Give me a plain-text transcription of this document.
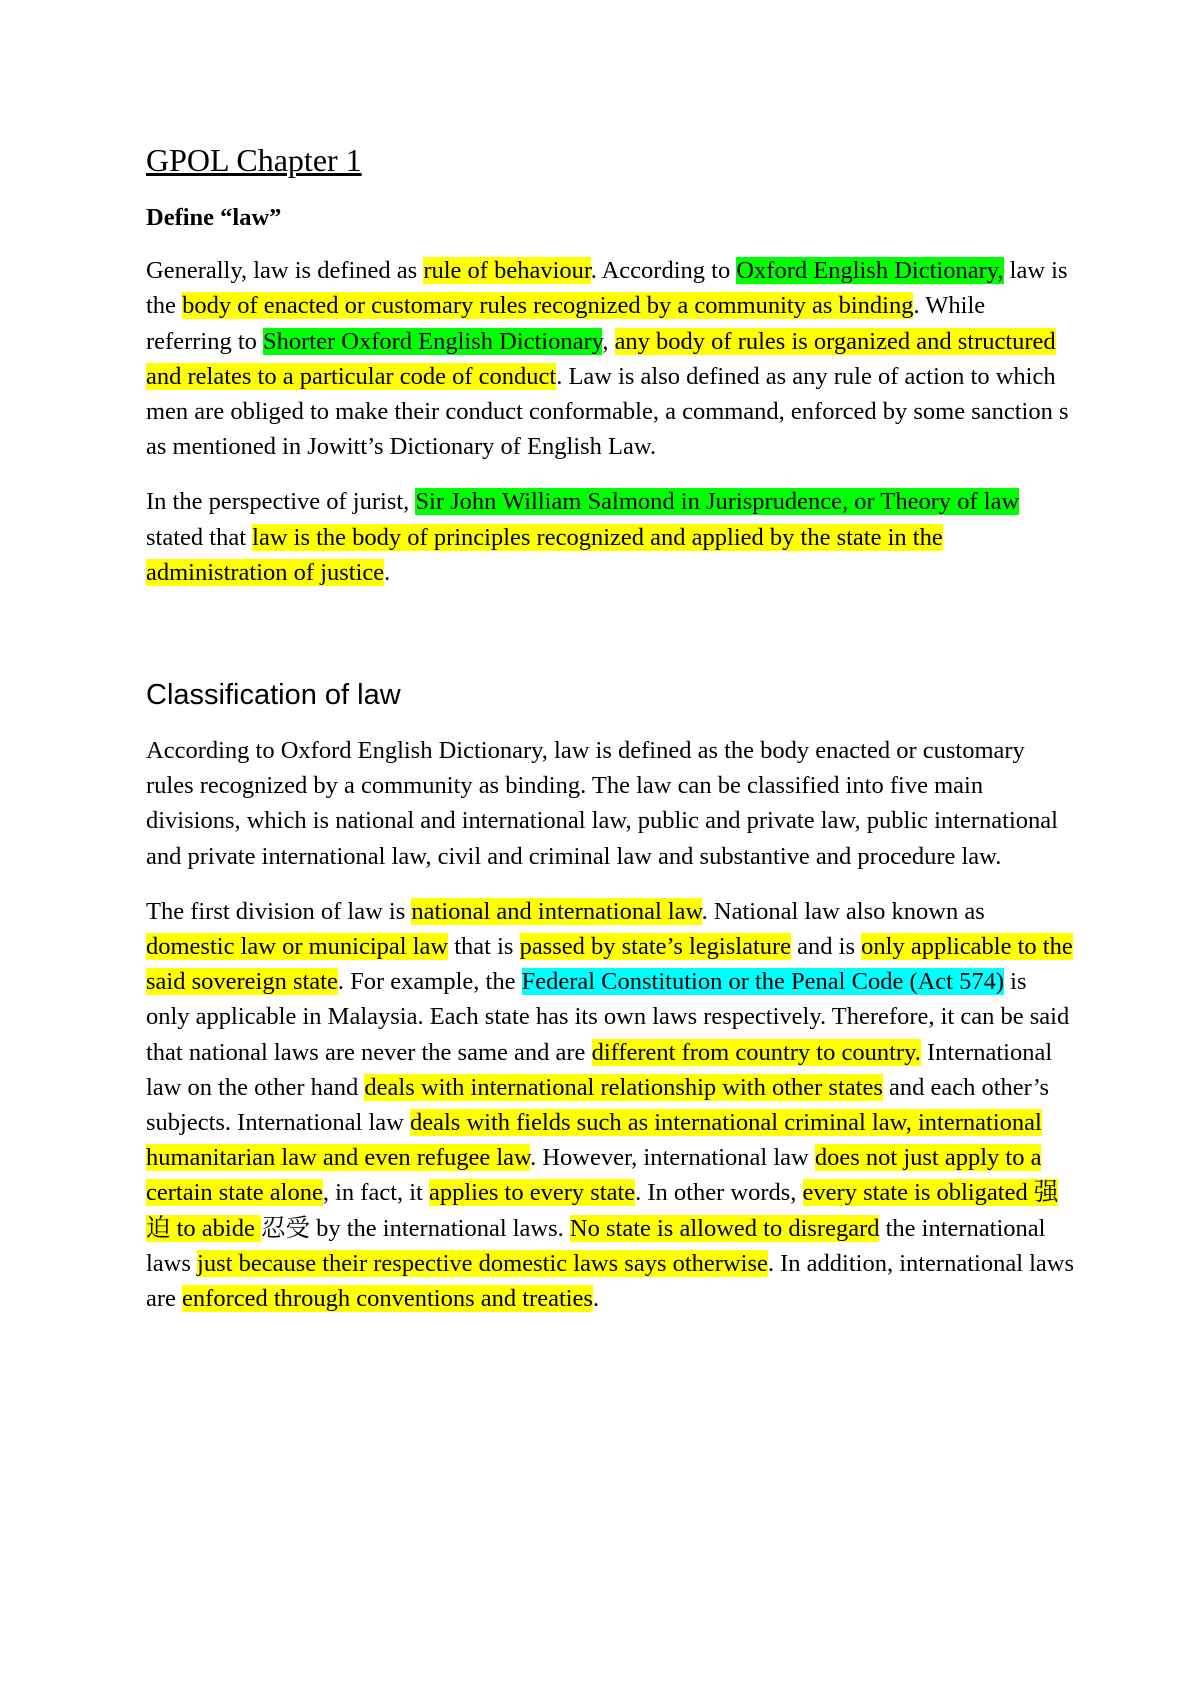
GPOL Chapter 1
Define “law”

Generally, law is defined as rule of behaviour. According to Oxford English Dictionary, law is the body of enacted or customary rules recognized by a community as binding. While referring to Shorter Oxford English Dictionary, any body of rules is organized and structured and relates to a particular code of conduct. Law is also defined as any rule of action to which men are obliged to make their conduct conformable, a command, enforced by some sanction s as mentioned in Jowitt’s Dictionary of English Law.

In the perspective of jurist, Sir John William Salmond in Jurisprudence, or Theory of law stated that law is the body of principles recognized and applied by the state in the administration of justice.

Classification of law

According to Oxford English Dictionary, law is defined as the body enacted or customary rules recognized by a community as binding. The law can be classified into five main divisions, which is national and international law, public and private law, public international and private international law, civil and criminal law and substantive and procedure law.

The first division of law is national and international law. National law also known as domestic law or municipal law that is passed by state’s legislature and is only applicable to the said sovereign state. For example, the Federal Constitution or the Penal Code (Act 574) is only applicable in Malaysia. Each state has its own laws respectively. Therefore, it can be said that national laws are never the same and are different from country to country. International law on the other hand deals with international relationship with other states and each other’s subjects. International law deals with fields such as international criminal law, international humanitarian law and even refugee law. However, international law does not just apply to a certain state alone, in fact, it applies to every state. In other words, every state is obligated 强迫 to abide 忍受 by the international laws. No state is allowed to disregard the international laws just because their respective domestic laws says otherwise. In addition, international laws are enforced through conventions and treaties.
